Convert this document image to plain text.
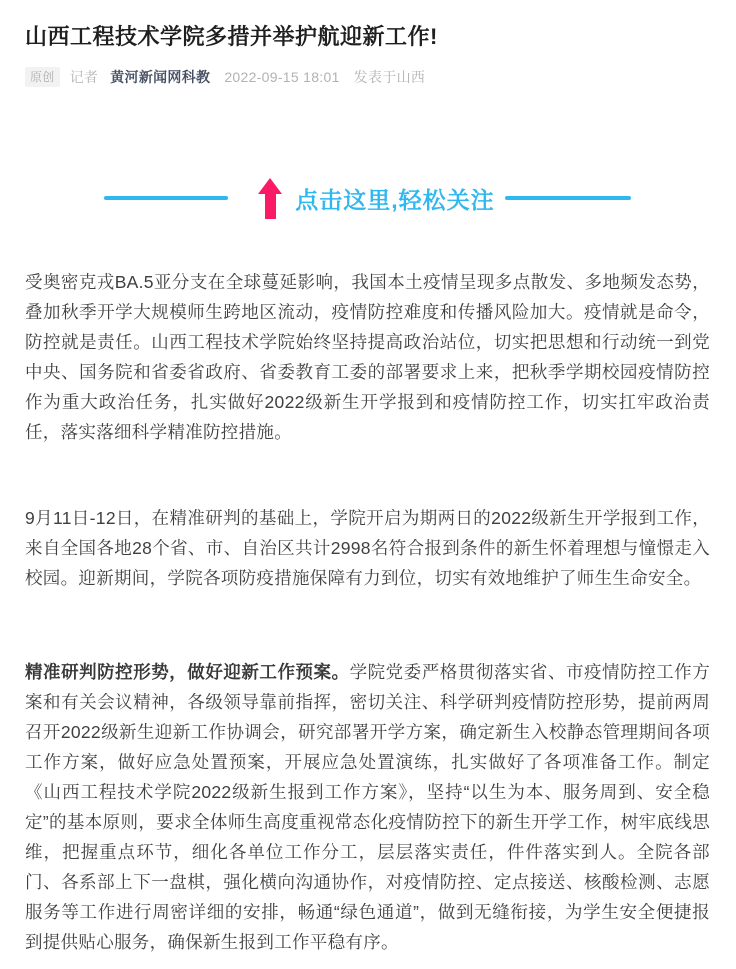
山西工程技术学院多措并举护航迎新工作!
原创	记者 黄河新闻网科教 2022-09-15 18:01 发表于山西
点击这里,轻松关注

受奥密克戎BA.5亚分支在全球蔓延影响，我国本土疫情呈现多点散发、多地频发态势，叠加秋季开学大规模师生跨地区流动，疫情防控难度和传播风险加大。疫情就是命令，防控就是责任。山西工程技术学院始终坚持提高政治站位，切实把思想和行动统一到党中央、国务院和省委省政府、省委教育工委的部署要求上来，把秋季学期校园疫情防控作为重大政治任务，扎实做好2022级新生开学报到和疫情防控工作，切实扛牢政治责任，落实落细科学精准防控措施。

9月11日-12日，在精准研判的基础上，学院开启为期两日的2022级新生开学报到工作，来自全国各地28个省、市、自治区共计2998名符合报到条件的新生怀着理想与憧憬走入校园。迎新期间，学院各项防疫措施保障有力到位，切实有效地维护了师生生命安全。

精准研判防控形势，做好迎新工作预案。学院党委严格贯彻落实省、市疫情防控工作方案和有关会议精神，各级领导靠前指挥，密切关注、科学研判疫情防控形势，提前两周召开2022级新生迎新工作协调会，研究部署开学方案，确定新生入校静态管理期间各项工作方案，做好应急处置预案，开展应急处置演练，扎实做好了各项准备工作。制定《山西工程技术学院2022级新生报到工作方案》，坚持“以生为本、服务周到、安全稳定”的基本原则，要求全体师生高度重视常态化疫情防控下的新生开学工作，树牢底线思维，把握重点环节，细化各单位工作分工，层层落实责任，件件落实到人。全院各部门、各系部上下一盘棋，强化横向沟通协作，对疫情防控、定点接送、核酸检测、志愿服务等工作进行周密详细的安排，畅通“绿色通道”，做到无缝衔接，为学生安全便捷报到提供贴心服务，确保新生报到工作平稳有序。
